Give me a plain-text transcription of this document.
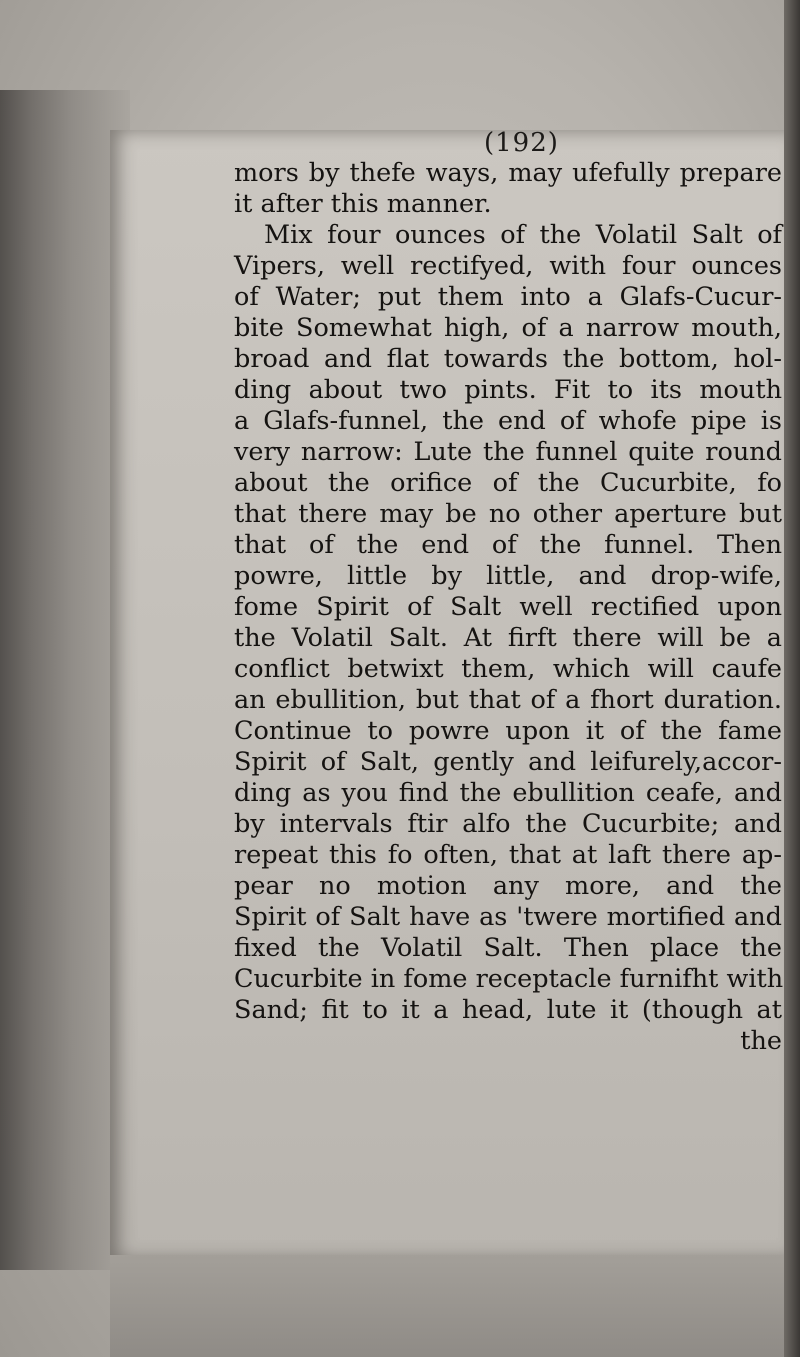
(192)
mors by thefe ways, may ufefully prepare
it after this manner.
Mix four ounces of the Volatil Salt of
Vipers, well rectifyed, with four ounces
of Water; put them into a Glafs-Cucur-
bite Somewhat high, of a narrow mouth,
broad and flat towards the bottom, hol-
ding about two pints. Fit to its mouth
a Glafs-funnel, the end of whofe pipe is
very narrow: Lute the funnel quite round
about the orifice of the Cucurbite, fo
that there may be no other aperture but
that of the end of the funnel. Then
powre, little by little, and drop-wife,
fome Spirit of Salt well rectified upon
the Volatil Salt. At firft there will be a
conflict betwixt them, which will caufe
an ebullition, but that of a fhort duration.
Continue to powre upon it of the fame
Spirit of Salt, gently and leifurely,accor-
ding as you find the ebullition ceafe, and
by intervals ftir alfo the Cucurbite; and
repeat this fo often, that at laft there ap-
pear no motion any more, and the
Spirit of Salt have as 'twere mortified and
fixed the Volatil Salt. Then place the
Cucurbite in fome receptacle furnifht with
Sand; fit to it a head, lute it (though at
the
